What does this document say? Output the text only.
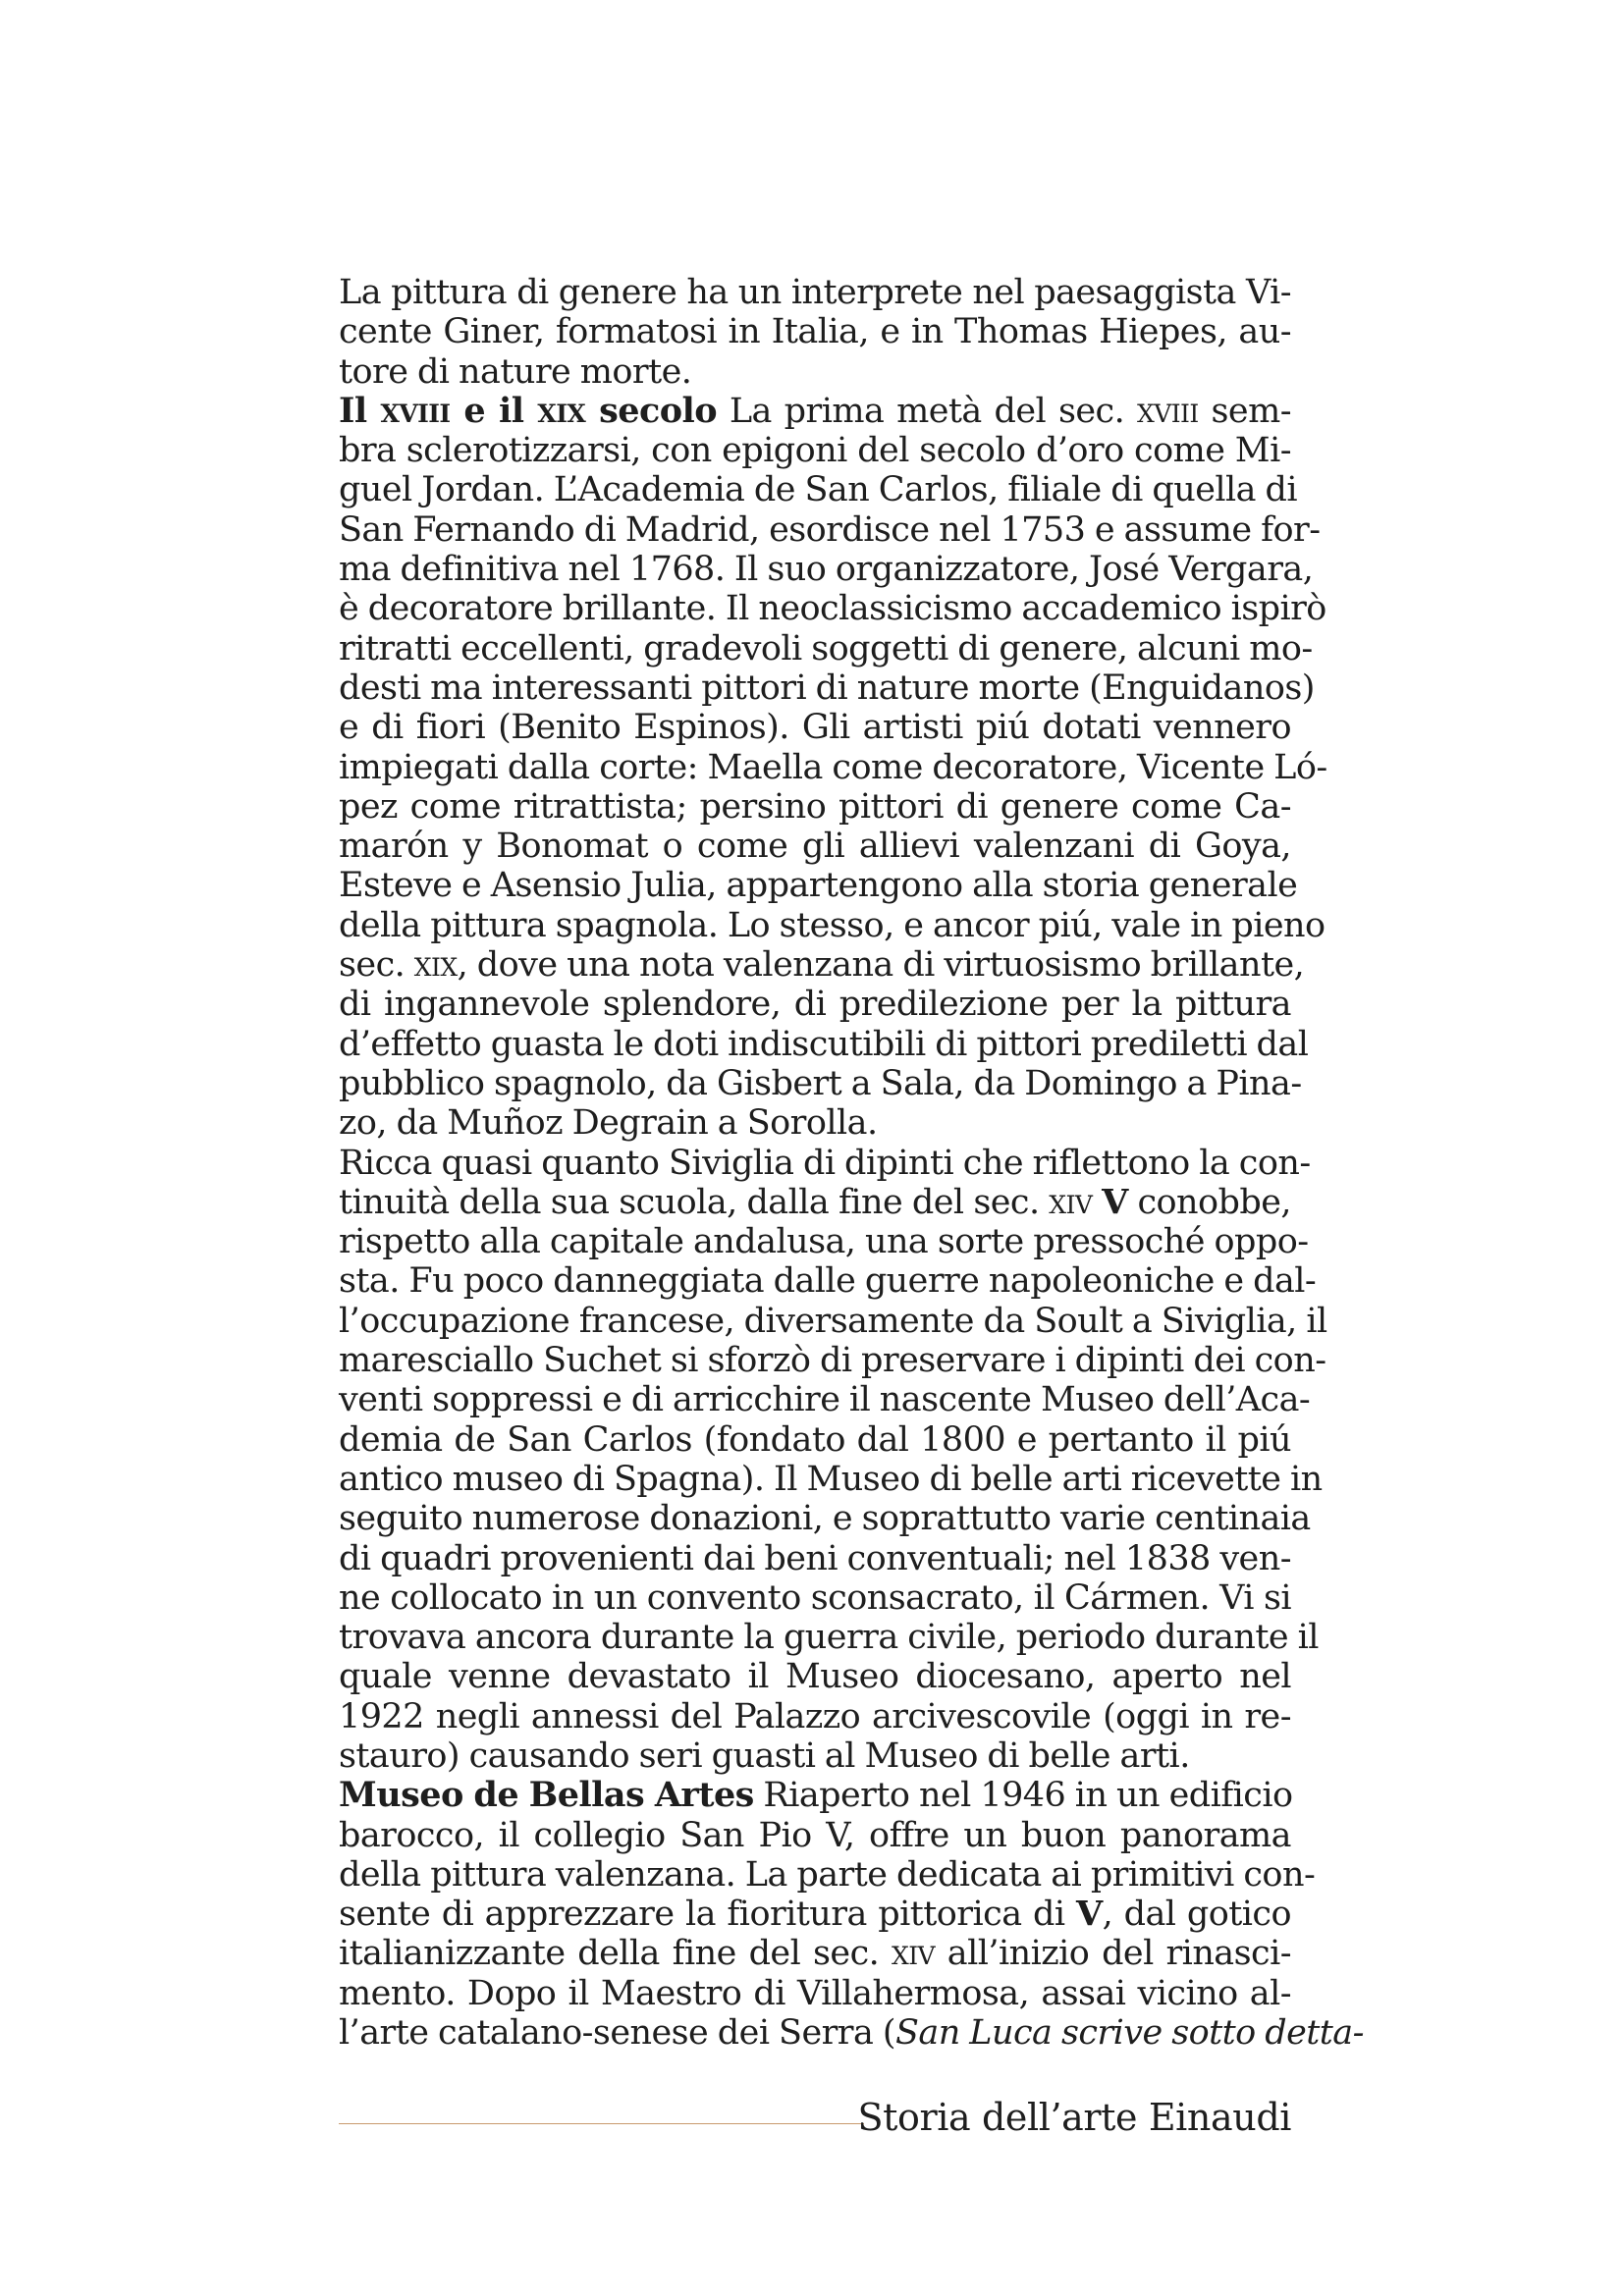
La pittura di genere ha un interprete nel paesaggista Vi-
cente Giner, formatosi in Italia, e in Thomas Hiepes, au-
tore di nature morte.
Il xviii e il xix secolo La prima metà del sec. xviii sem-
bra sclerotizzarsi, con epigoni del secolo d’oro come Mi-
guel Jordan. L’Academia de San Carlos, filiale di quella di
San Fernando di Madrid, esordisce nel 1753 e assume for-
ma definitiva nel 1768. Il suo organizzatore, José Vergara,
è decoratore brillante. Il neoclassicismo accademico ispirò
ritratti eccellenti, gradevoli soggetti di genere, alcuni mo-
desti ma interessanti pittori di nature morte (Enguidanos)
e di fiori (Benito Espinos). Gli artisti piú dotati vennero
impiegati dalla corte: Maella come decoratore, Vicente Ló-
pez come ritrattista; persino pittori di genere come Ca-
marón y Bonomat o come gli allievi valenzani di Goya,
Esteve e Asensio Julia, appartengono alla storia generale
della pittura spagnola. Lo stesso, e ancor piú, vale in pieno
sec. xix, dove una nota valenzana di virtuosismo brillante,
di ingannevole splendore, di predilezione per la pittura
d’effetto guasta le doti indiscutibili di pittori prediletti dal
pubblico spagnolo, da Gisbert a Sala, da Domingo a Pina-
zo, da Muñoz Degrain a Sorolla.
Ricca quasi quanto Siviglia di dipinti che riflettono la con-
tinuità della sua scuola, dalla fine del sec. xiv V conobbe,
rispetto alla capitale andalusa, una sorte pressoché oppo-
sta. Fu poco danneggiata dalle guerre napoleoniche e dal-
l’occupazione francese, diversamente da Soult a Siviglia, il
maresciallo Suchet si sforzò di preservare i dipinti dei con-
venti soppressi e di arricchire il nascente Museo dell’Aca-
demia de San Carlos (fondato dal 1800 e pertanto il piú
antico museo di Spagna). Il Museo di belle arti ricevette in
seguito numerose donazioni, e soprattutto varie centinaia
di quadri provenienti dai beni conventuali; nel 1838 ven-
ne collocato in un convento sconsacrato, il Cármen. Vi si
trovava ancora durante la guerra civile, periodo durante il
quale venne devastato il Museo diocesano, aperto nel
1922 negli annessi del Palazzo arcivescovile (oggi in re-
stauro) causando seri guasti al Museo di belle arti.
Museo de Bellas Artes Riaperto nel 1946 in un edificio
barocco, il collegio San Pio V, offre un buon panorama
della pittura valenzana. La parte dedicata ai primitivi con-
sente di apprezzare la fioritura pittorica di V, dal gotico
italianizzante della fine del sec. xiv all’inizio del rinasci-
mento. Dopo il Maestro di Villahermosa, assai vicino al-
l’arte catalano-senese dei Serra (San Luca scrive sotto detta-
Storia dell’arte Einaudi
